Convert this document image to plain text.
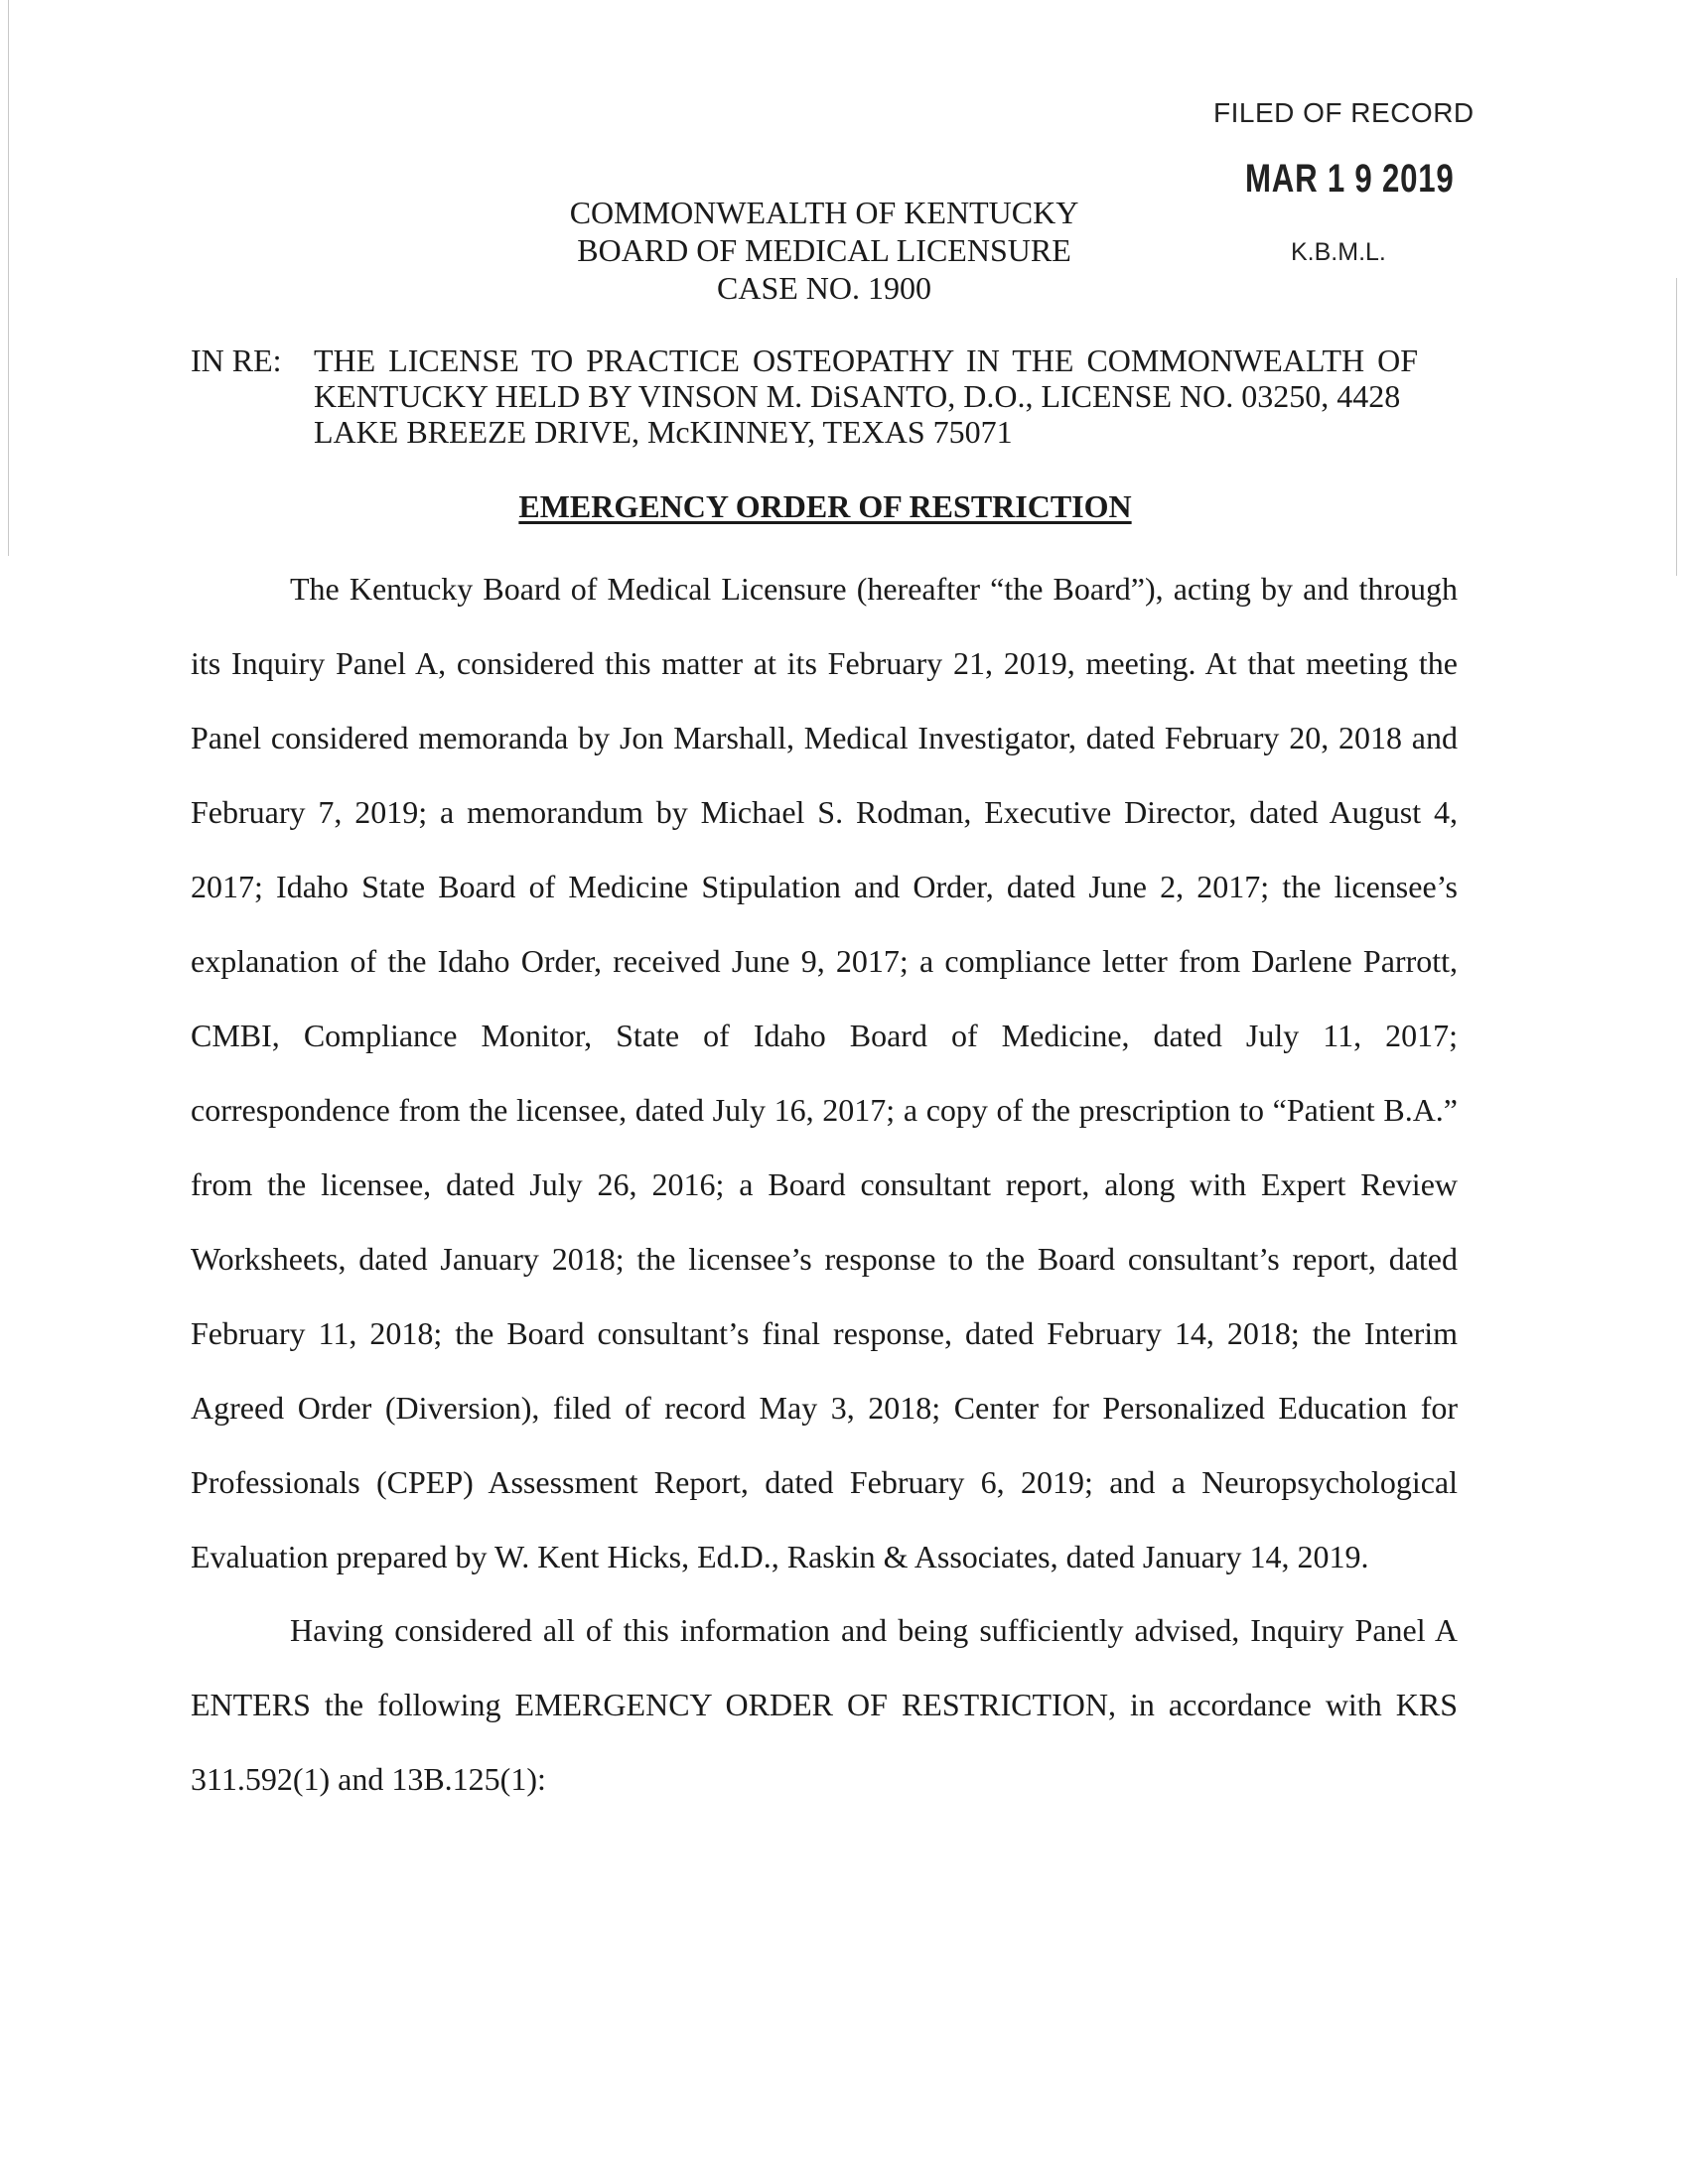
FILED OF RECORD
MAR 1 9 2019
K.B.M.L.
COMMONWEALTH OF KENTUCKY
BOARD OF MEDICAL LICENSURE
CASE NO. 1900
IN RE: THE LICENSE TO PRACTICE OSTEOPATHY IN THE COMMONWEALTH OF
KENTUCKY HELD BY VINSON M. DiSANTO, D.O., LICENSE NO. 03250, 4428
LAKE BREEZE DRIVE, McKINNEY, TEXAS 75071
EMERGENCY ORDER OF RESTRICTION
The Kentucky Board of Medical Licensure (hereafter “the Board”), acting by and through its Inquiry Panel A, considered this matter at its February 21, 2019, meeting. At that meeting the Panel considered memoranda by Jon Marshall, Medical Investigator, dated February 20, 2018 and February 7, 2019; a memorandum by Michael S. Rodman, Executive Director, dated August 4, 2017; Idaho State Board of Medicine Stipulation and Order, dated June 2, 2017; the licensee’s explanation of the Idaho Order, received June 9, 2017; a compliance letter from Darlene Parrott, CMBI, Compliance Monitor, State of Idaho Board of Medicine, dated July 11, 2017; correspondence from the licensee, dated July 16, 2017; a copy of the prescription to “Patient B.A.” from the licensee, dated July 26, 2016; a Board consultant report, along with Expert Review Worksheets, dated January 2018; the licensee’s response to the Board consultant’s report, dated February 11, 2018; the Board consultant’s final response, dated February 14, 2018; the Interim Agreed Order (Diversion), filed of record May 3, 2018; Center for Personalized Education for Professionals (CPEP) Assessment Report, dated February 6, 2019; and a Neuropsychological Evaluation prepared by W. Kent Hicks, Ed.D., Raskin & Associates, dated January 14, 2019.
Having considered all of this information and being sufficiently advised, Inquiry Panel A ENTERS the following EMERGENCY ORDER OF RESTRICTION, in accordance with KRS 311.592(1) and 13B.125(1):
